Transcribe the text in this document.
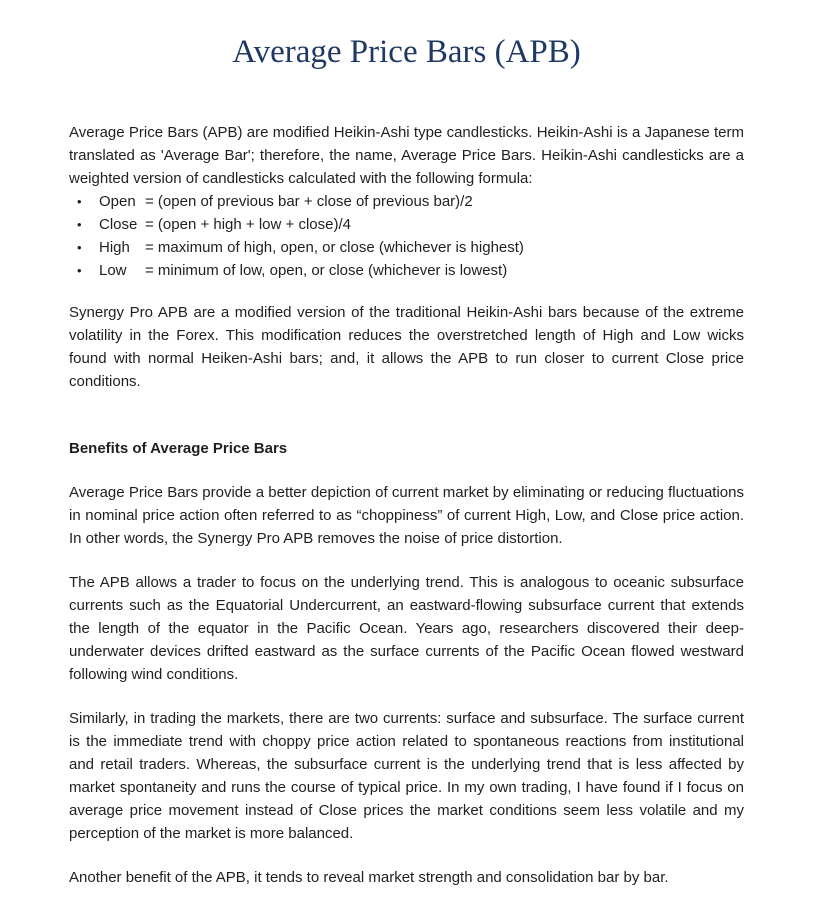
Average Price Bars (APB)

Average Price Bars (APB) are modified Heikin-Ashi type candlesticks. Heikin-Ashi is a Japanese term translated as 'Average Bar'; therefore, the name, Average Price Bars. Heikin-Ashi candlesticks are a weighted version of candlesticks calculated with the following formula:

•	Open = (open of previous bar + close of previous bar)/2
•	Close = (open + high + low + close)/4
•	High	= maximum of high, open, or close (whichever is highest)
•	Low	= minimum of low, open, or close (whichever is lowest)

Synergy Pro APB are a modified version of the traditional Heikin-Ashi bars because of the extreme volatility in the Forex. This modification reduces the overstretched length of High and Low wicks found with normal Heiken-Ashi bars; and, it allows the APB to run closer to current Close price conditions.

Benefits of Average Price Bars

Average Price Bars provide a better depiction of current market by eliminating or reducing fluctuations in nominal price action often referred to as “choppiness” of current High, Low, and Close price action. In other words, the Synergy Pro APB removes the noise of price distortion.

The APB allows a trader to focus on the underlying trend. This is analogous to oceanic subsurface currents such as the Equatorial Undercurrent, an eastward-flowing subsurface current that extends the length of the equator in the Pacific Ocean. Years ago, researchers discovered their deep-underwater devices drifted eastward as the surface currents of the Pacific Ocean flowed westward following wind conditions.

Similarly, in trading the markets, there are two currents: surface and subsurface. The surface current is the immediate trend with choppy price action related to spontaneous reactions from institutional and retail traders. Whereas, the subsurface current is the underlying trend that is less affected by market spontaneity and runs the course of typical price. In my own trading, I have found if I focus on average price movement instead of Close prices the market conditions seem less volatile and my perception of the market is more balanced.

Another benefit of the APB, it tends to reveal market strength and consolidation bar by bar.
